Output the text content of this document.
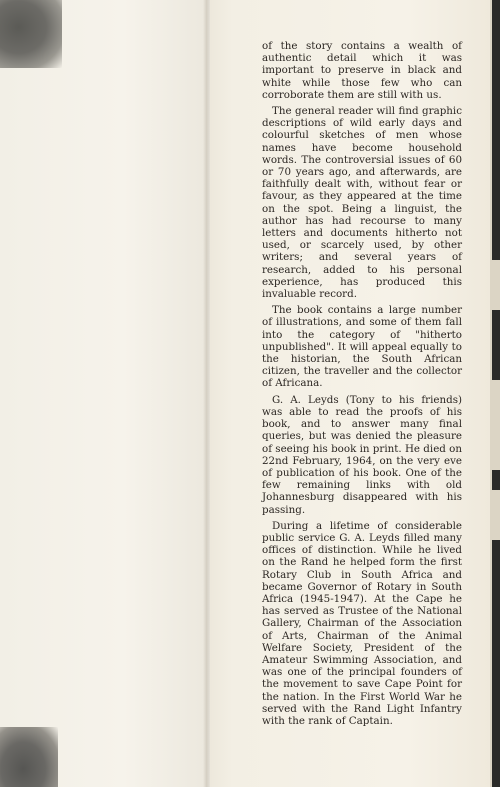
of the story contains a wealth of authentic detail which it was important to preserve in black and white while those few who can corroborate them are still with us.

The general reader will find graphic descriptions of wild early days and colourful sketches of men whose names have become household words. The controversial issues of 60 or 70 years ago, and afterwards, are faithfully dealt with, without fear or favour, as they appeared at the time on the spot. Being a linguist, the author has had recourse to many letters and documents hitherto not used, or scarcely used, by other writers; and several years of research, added to his personal experience, has produced this invaluable record.

The book contains a large number of illustrations, and some of them fall into the category of "hitherto unpublished". It will appeal equally to the historian, the South African citizen, the traveller and the collector of Africana.

G. A. Leyds (Tony to his friends) was able to read the proofs of his book, and to answer many final queries, but was denied the pleasure of seeing his book in print. He died on 22nd February, 1964, on the very eve of publication of his book. One of the few remaining links with old Johannesburg disappeared with his passing.

During a lifetime of considerable public service G. A. Leyds filled many offices of distinction. While he lived on the Rand he helped form the first Rotary Club in South Africa and became Governor of Rotary in South Africa (1945-1947). At the Cape he has served as Trustee of the National Gallery, Chairman of the Association of Arts, Chairman of the Animal Welfare Society, President of the Amateur Swimming Association, and was one of the principal founders of the movement to save Cape Point for the nation. In the First World War he served with the Rand Light Infantry with the rank of Captain.
